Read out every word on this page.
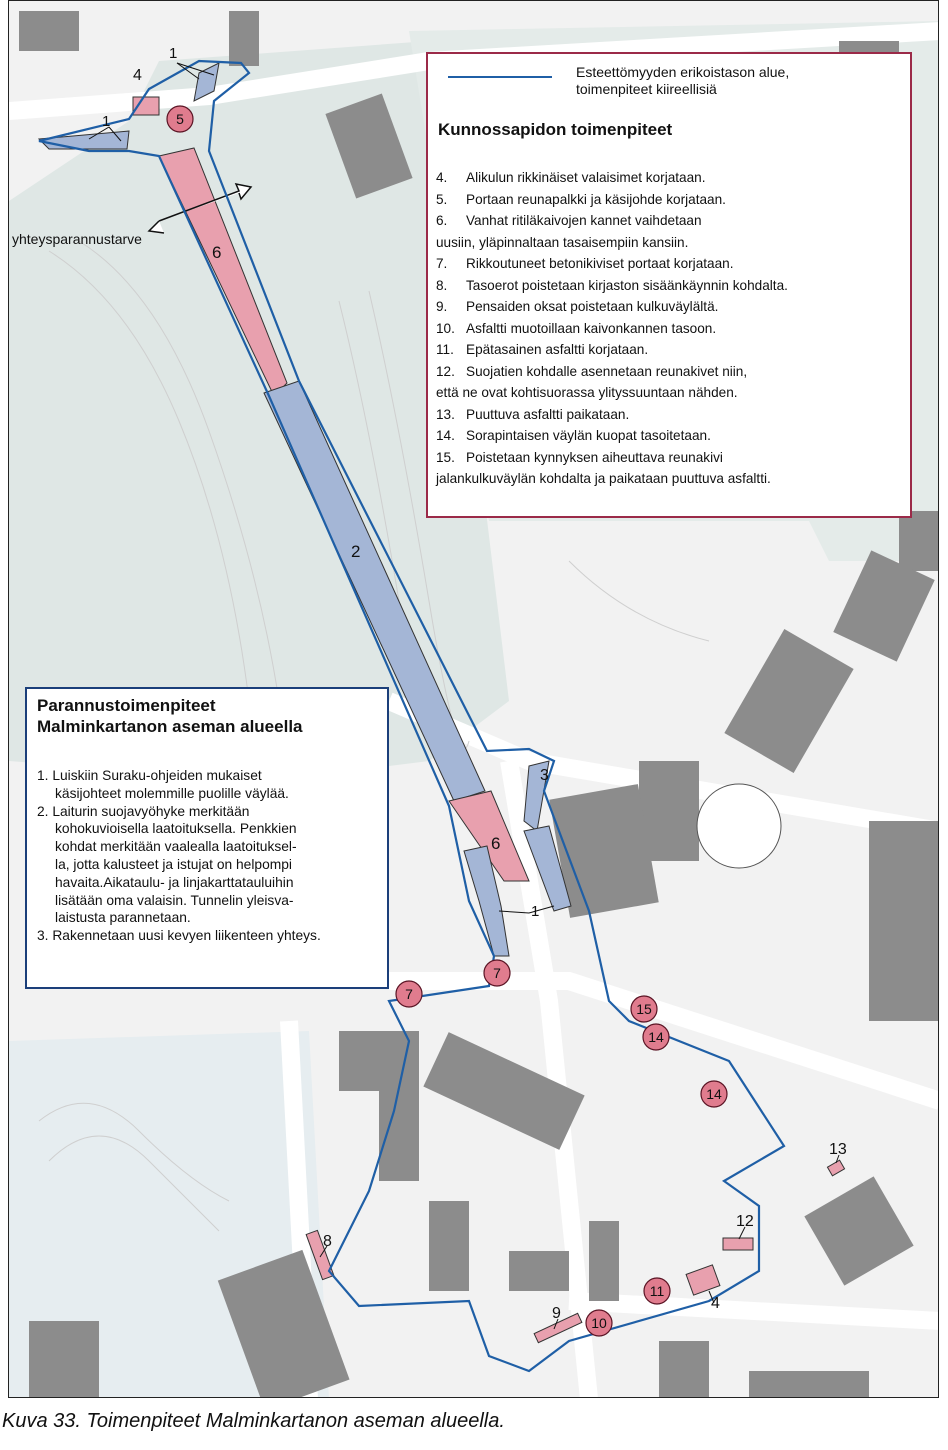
5
7
7
15
14
14
11
10
yhteysparannustarve
2
6
6
1
1
1
3
4
4
8
9
12
13
Esteettömyyden erikoistason alue,
toimenpiteet kiireellisiä
Kunnossapidon toimenpiteet
4. Alikulun rikkinäiset valaisimet korjataan.
5. Portaan reunapalkki ja käsijohde korjataan.
6. Vanhat ritiläkaivojen kannet vaihdetaan
uusiin, yläpinnaltaan tasaisempiin kansiin.
7. Rikkoutuneet betonikiviset portaat korjataan.
8. Tasoerot poistetaan kirjaston sisäänkäynnin kohdalta.
9. Pensaiden oksat poistetaan kulkuväylältä.
10. Asfaltti muotoillaan kaivonkannen tasoon.
11. Epätasainen asfaltti korjataan.
12. Suojatien kohdalle asennetaan reunakivet niin,
että ne ovat kohtisuorassa ylityssuuntaan nähden.
13. Puuttuva asfaltti paikataan.
14. Sorapintaisen väylän kuopat tasoitetaan.
15. Poistetaan kynnyksen aiheuttava reunakivi
jalankulkuväylän kohdalta ja paikataan puuttuva asfaltti.
Parannustoimenpiteet
Malminkartanon aseman alueella
1. Luiskiin Suraku-ohjeiden mukaiset
käsijohteet molemmille puolille väylää.
2. Laiturin suojavyöhyke merkitään
kohokuvioisella laatoituksella. Penkkien
kohdat merkitään vaalealla laatoituksel-
la, jotta kalusteet ja istujat on helpompi
havaita.Aikataulu- ja linjakarttatauluihin
lisätään oma valaisin. Tunnelin yleisva-
laistusta parannetaan.
3. Rakennetaan uusi kevyen liikenteen yhteys.
Kuva 33. Toimenpiteet Malminkartanon aseman alueella.
